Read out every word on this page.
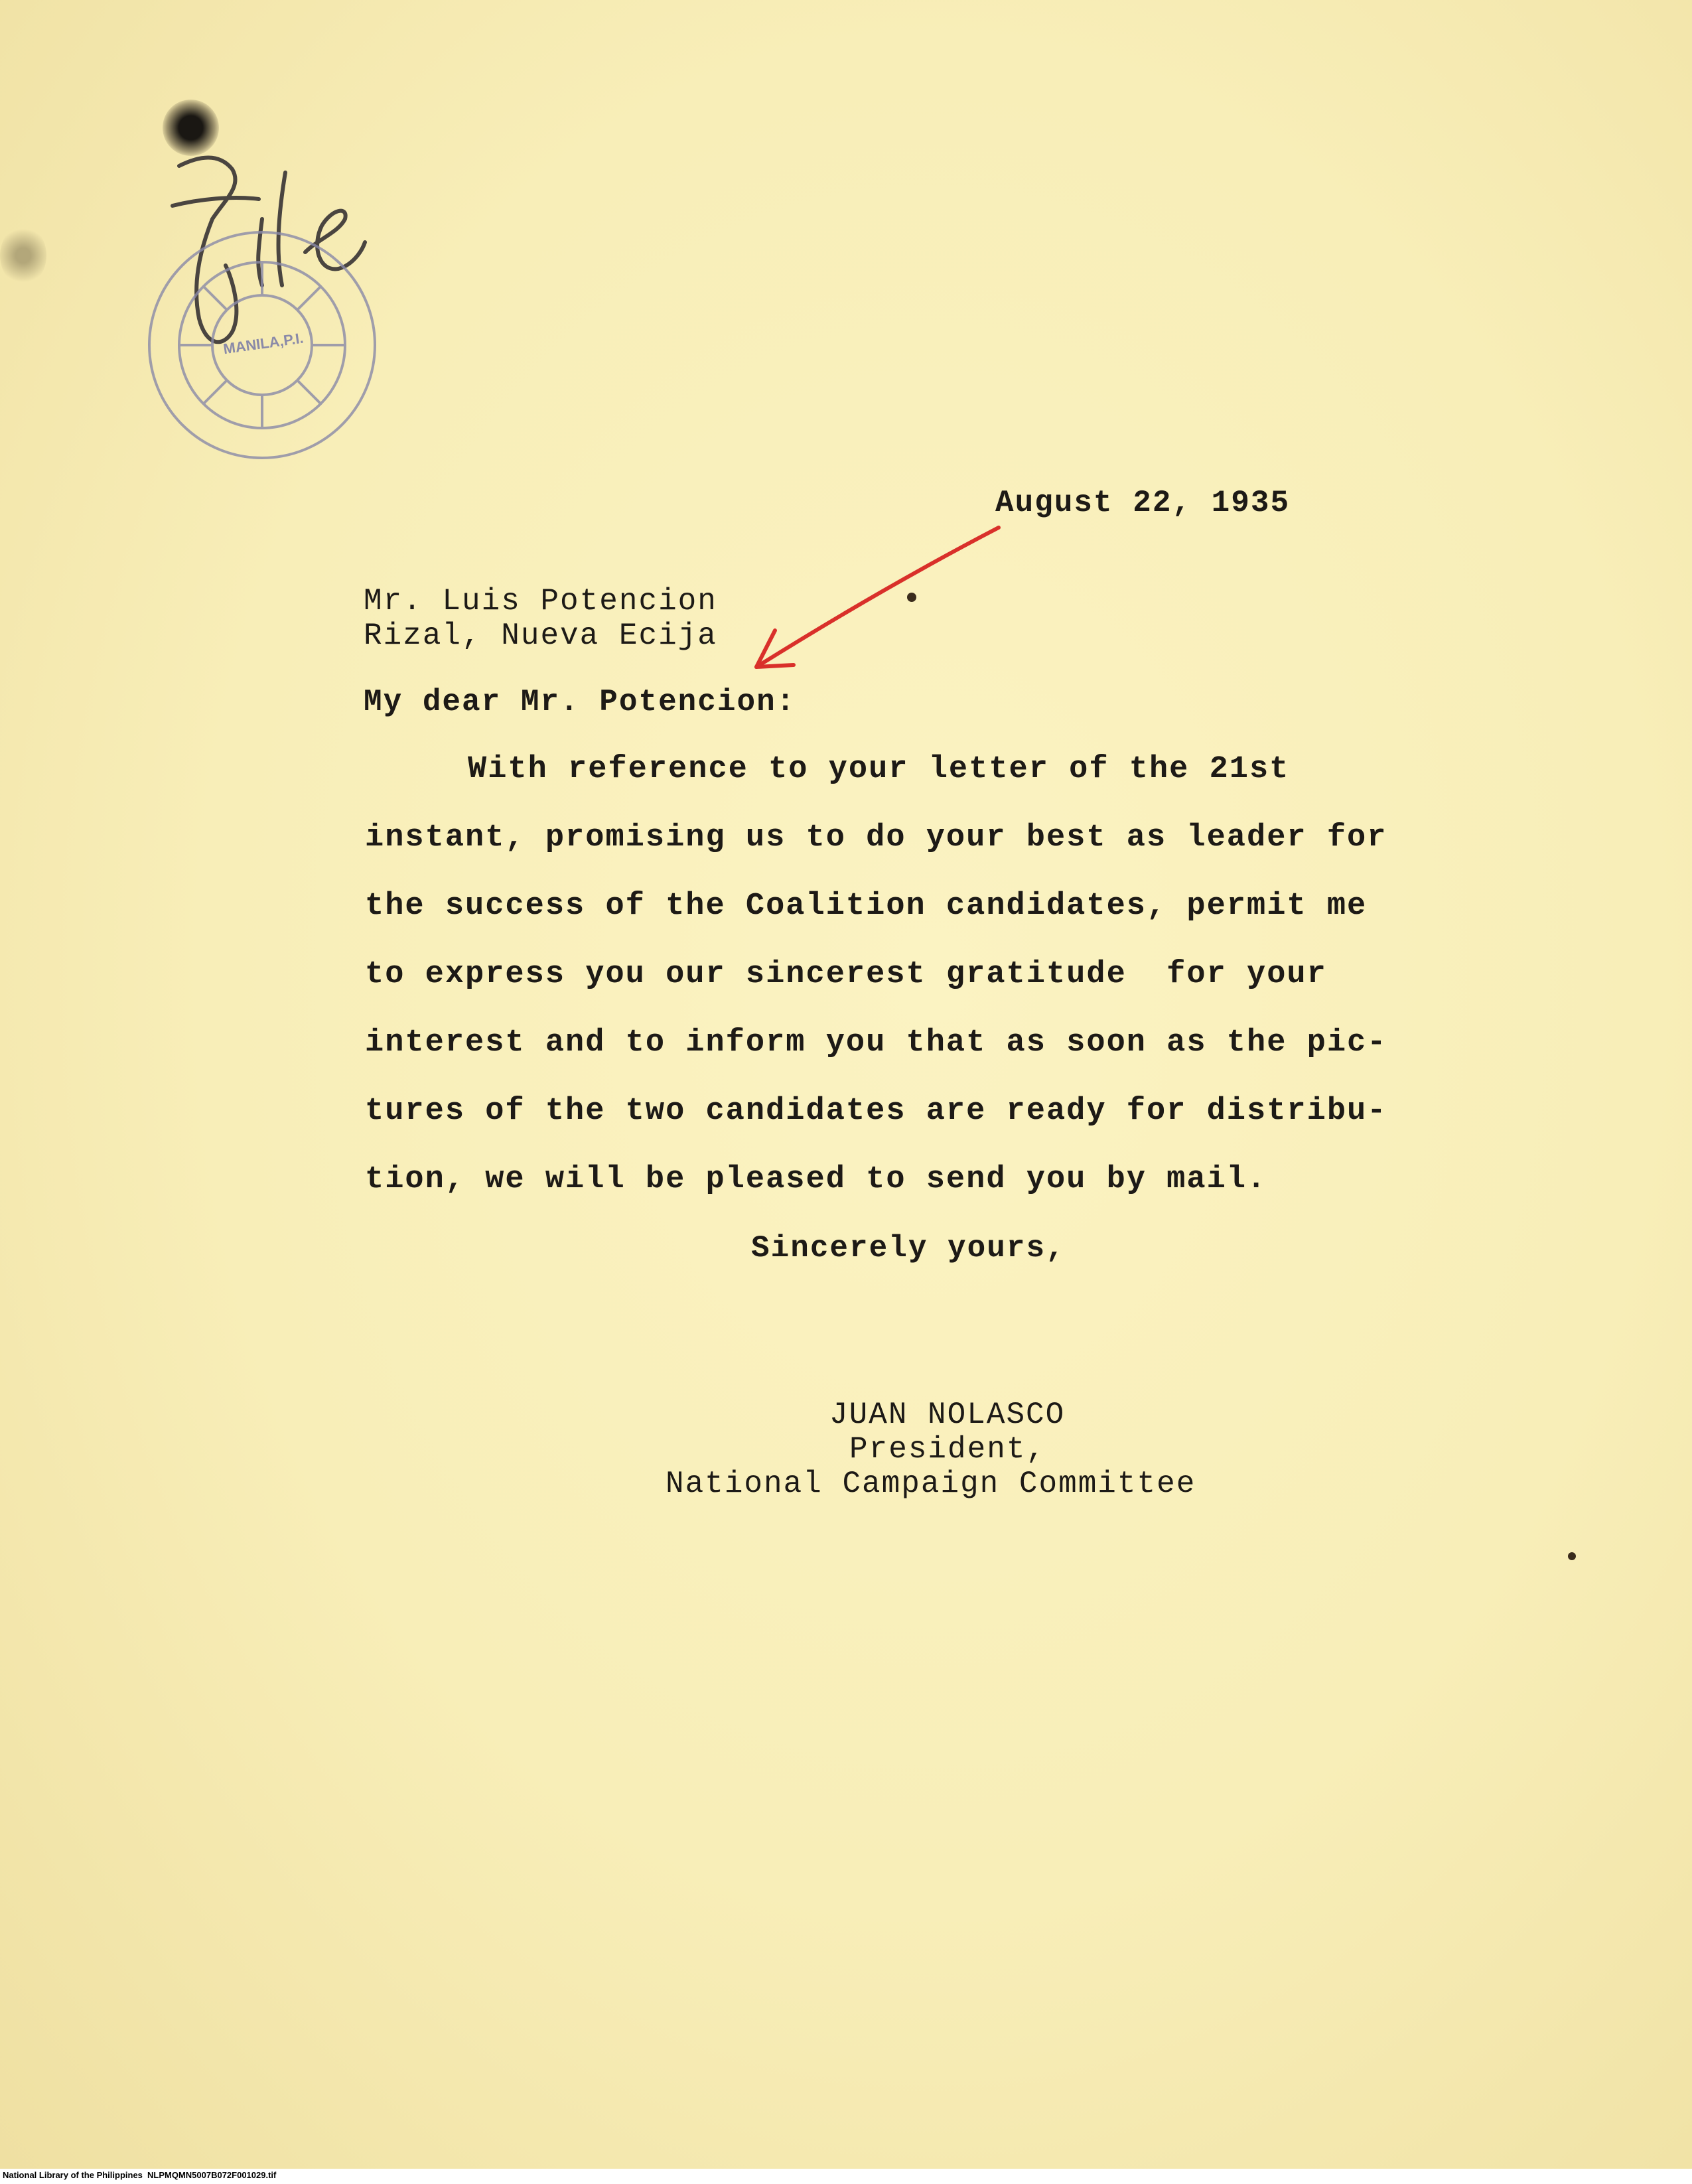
MANILA,P.I.
August 22, 1935
Mr. Luis Potencion
Rizal, Nueva Ecija
My dear Mr. Potencion:
With reference to your letter of the 21st
instant, promising us to do your best as leader for
the success of the Coalition candidates, permit me
to express you our sincerest gratitude  for your
interest and to inform you that as soon as the pic-
tures of the two candidates are ready for distribu-
tion, we will be pleased to send you by mail.
Sincerely yours,
JUAN NOLASCO
President,
National Campaign Committee
National Library of the Philippines NLPMQMN5007B072F001029.tif
